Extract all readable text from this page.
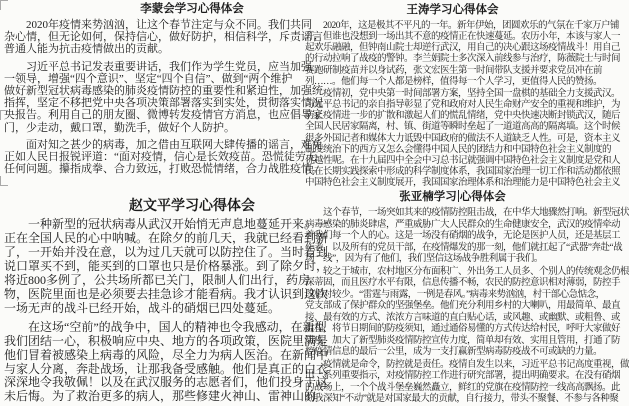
李蒙会学习心得体会
　　2020年疫情来势汹汹，让这个春节注定与众不同。我们共同
杂心情，但无论如何，保持信心，做好防护，相信科学，斥责谣言
普通人能为抗击疫情做出的贡献。
　　习近平总书记发表重要讲话，我们作为学生党员，应当加强
一领导，增强“四个意识”、坚定“四个自信”、做到“两个维护
做好新型冠状病毒感染的肺炎疫情防控的重要性和紧迫性，加强统
指挥，坚定不移把党中央各项决策部署落实到实处，贯彻落实情况
央报告。利用自己的朋友圈、微博转发疫情官方消息，也应倡导家
门，少走动，戴口罩，勤洗手，做好个人防护。
　　面对知之甚少的病毒，加之借由互联网大肆传播的谣言，难免
正如人民日报锐评道：“面对疫情，信心是长效疫苗。恐慌徒劳无
任何问题。攥指成拳、合力致远，打败恐慌情绪，合力战胜疫情。
赵文平学习心得体会
　　一种新型的冠状病毒从武汉开始悄无声息地蔓延开来。一
正在全国人民的心中呐喊。在除夕的前几天，我就已经看到新
了，一开始并没在意，以为过几天就可以防控住了。当时看到
说口罩买不到，能买到的口罩也只是价格暴涨。到了除夕时，
将近800多例了，公共场所都已关门，限制人们出行，药房
物，医院里面也是必须要去挂急诊才能看病。我才认识到这次
一场无声的战斗已经开始，战斗的硝烟已四处蔓延。
　　在这场“空前”的战争中，国人的精神也令我感动，在新型
我们团结一心，积极响应中央、地方的各项政策，医院里满是
他们冒着被感染上病毒的风险，尽全力为病人医治。在新闻中
与家人分离，奔赴战场，让那我备受感触。他们是真正的白衣
深深地令我敬佩！以及在武汉服务的志愿者们，他们投身于这
未后悔。为了救治更多的病人，那些修建火神山、雷神山的
王涛学习心得体会
　　2020年，这是极其不平凡的一年。新年伊始，团圆欢乐的气氛在千家万户铺
开，但谁也没想到一场出其不意的疫情正在快速蔓延。农历小年，本该与家人一
起欢乐融融，但钟南山院士却逆行武汉，用自己的决心跟这场疫情战斗！用自己
的行动拉响了战疫的警钟。李兰娟院士多次深入前线参与治疗，陈薇院士与时间
赛跑研制疫苗并以身试药，张文宏医生第一时间带队支援并要求党员冲在前
列……。他们每一个人都是榜样，值得每一个人学习，更值得人民的赞扬。
　　疫情初，党中央第一时间部署方案，坚持全国一盘棋的基础全力支援武汉。
习近平总书记的亲自指导彰显了党和政府对人民生命财产安全的重视和维护，为
防止疫情进一步的扩散和激起人们的慌乱情绪，党中央快速决断封锁武汉，随后
全国人民居家隔离，村、镇、街道等瞬时垒起了一道道高高的隔离墙。这个时候
很多外国记者和媒体大力诋毁中国政府的做法不人道缺乏人性。可是，资本主义
制度统治下的西方又怎么会懂得中国人民的团结力和中国特色社会主义制度的
优越性呢。在十九届四中全会中习总书记就强调中国特色社会主义制度是党和人
民在长期实践探索中形成的科学制度体系，我国国家治理一切工作和活动都依照
中国特色社会主义制度展开，我国国家治理体系和治理能力是中国特色社会主义
张亚楠学习 心得体会
　　这个春节，一场突如其来的疫情防控阻击战，在中华大地骤然打响。新型冠状
病毒感染的肺炎肆虐，严重威胁广大人民群众的生命健康安全，武汉的疫情牵动
着我们每一个人的心。这是一场没有硝烟的战争，无论是医护人员，还是基层工
作者，以及所有的党员干部，在疫情爆发的那一刻，他们就扛起了“武器”奔赴“战
场一线”，因为有了他们，我们坚信这场战争胜利属于我们。
　　较之于城市，农村地区分布面积广、外出务工人员多、个别人的传统观念仍根
深蒂固，而且医疗水平有限，信息传播不畅，农民的防控意识相对薄弱，防控手
段相对较少。“雷霆与雨露，一例是春风。”病毒来势汹汹，村干部心急惦念，
党支部成了保护群众的坚强堡垒。他们充分利用乡村的大喇叭，用最简单、最直
接、最有效的方式、浓浓方言味道的直白贴心话，或风趣、或幽默、或粗鲁、或
温和，将节日期间的防疫须知，通过通俗易懂的方式传达给村民，呼吁大家做好
防疫，加大了新型肺炎疫情防控宣传力度，简单却有效、实用且管用，打通了防
控疫情信息的最后一公里，成为一支打赢新型病毒防疫战不可或缺的力量。
　　疫情就是命令，防控就是责任。疫情自发生以来，习近平总书记高度重视，做
出一系列重要指示，对疫情防控工作进行研究部署，提出明确要求。在没有硝烟
的战场上，一个个战斗堡垒巍然矗立，鲜红的党旗在疫情防控一线高高飘扬。此
刻我深知“不动”就是对国家最大的贡献，自行接力，带头不聚餐、不参与各种聚
